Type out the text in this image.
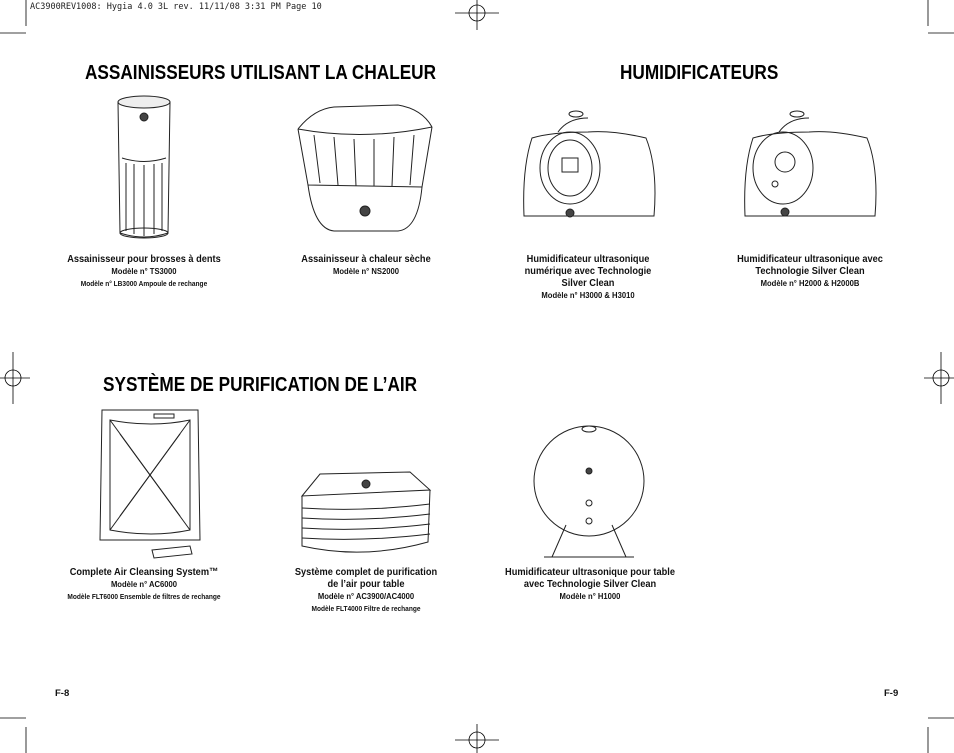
AC3900REV1008: Hygia 4.0 3L rev. 11/11/08 3:31 PM Page 10
ASSAINISSEURS UTILISANT LA CHALEUR	HUMIDIFICATEURS
SYSTÈME DE PURIFICATION DE L’AIR
Assainisseur pour brosses à dents
Modèle n° TS3000
Modèle n° LB3000 Ampoule de rechange
Assainisseur à chaleur sèche
Modèle n° NS2000
Humidificateur ultrasonique
numérique avec Technologie
Silver Clean
Modèle n° H3000 & H3010
Humidificateur ultrasonique avec
Technologie Silver Clean
Modèle n° H2000 & H2000B
Complete Air Cleansing System™
Modèle n° AC6000
Modèle FLT6000 Ensemble de filtres de rechange
Système complet de purification
de l’air pour table
Modèle n° AC3900/AC4000
Modèle FLT4000 Filtre de rechange
Humidificateur ultrasonique pour table
avec Technologie Silver Clean
Modèle n° H1000
F-8	F-9
